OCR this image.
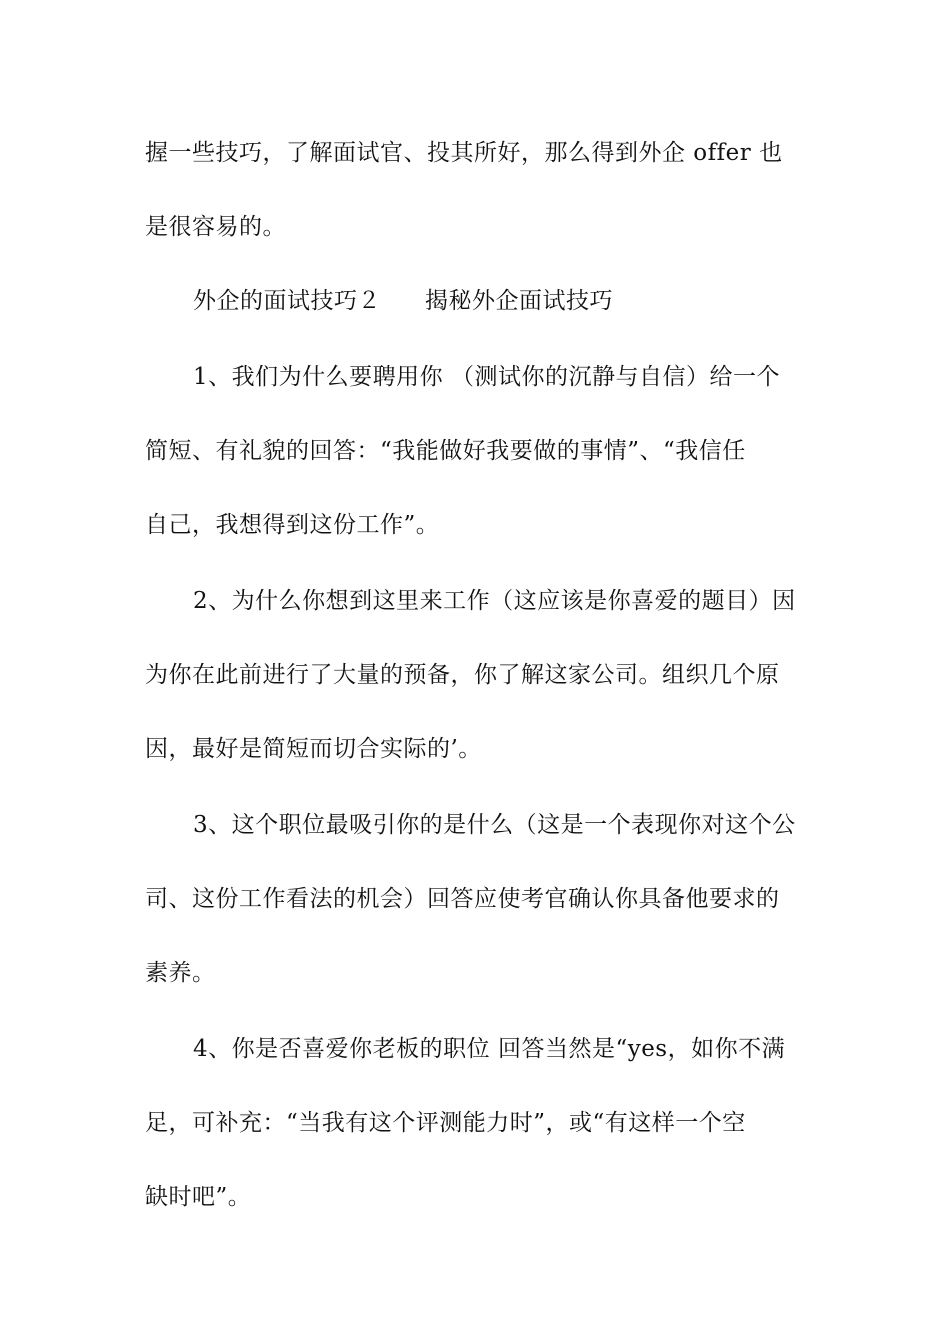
握一些技巧，了解面试官、投其所好，那么得到外企 offer 也
是很容易的。
外企的面试技巧２ 揭秘外企面试技巧
1、我们为什么要聘用你 （测试你的沉静与自信）给一个
简短、有礼貌的回答：“我能做好我要做的事情”、“我信任
自己，我想得到这份工作”。
2、为什么你想到这里来工作（这应该是你喜爱的题目）因
为你在此前进行了大量的预备，你了解这家公司。组织几个原
因，最好是简短而切合实际的’。
3、这个职位最吸引你的是什么（这是一个表现你对这个公
司、这份工作看法的机会）回答应使考官确认你具备他要求的
素养。
4、你是否喜爱你老板的职位 回答当然是“yes，如你不满
足，可补充：“当我有这个评测能力时”，或“有这样一个空
缺时吧”。
